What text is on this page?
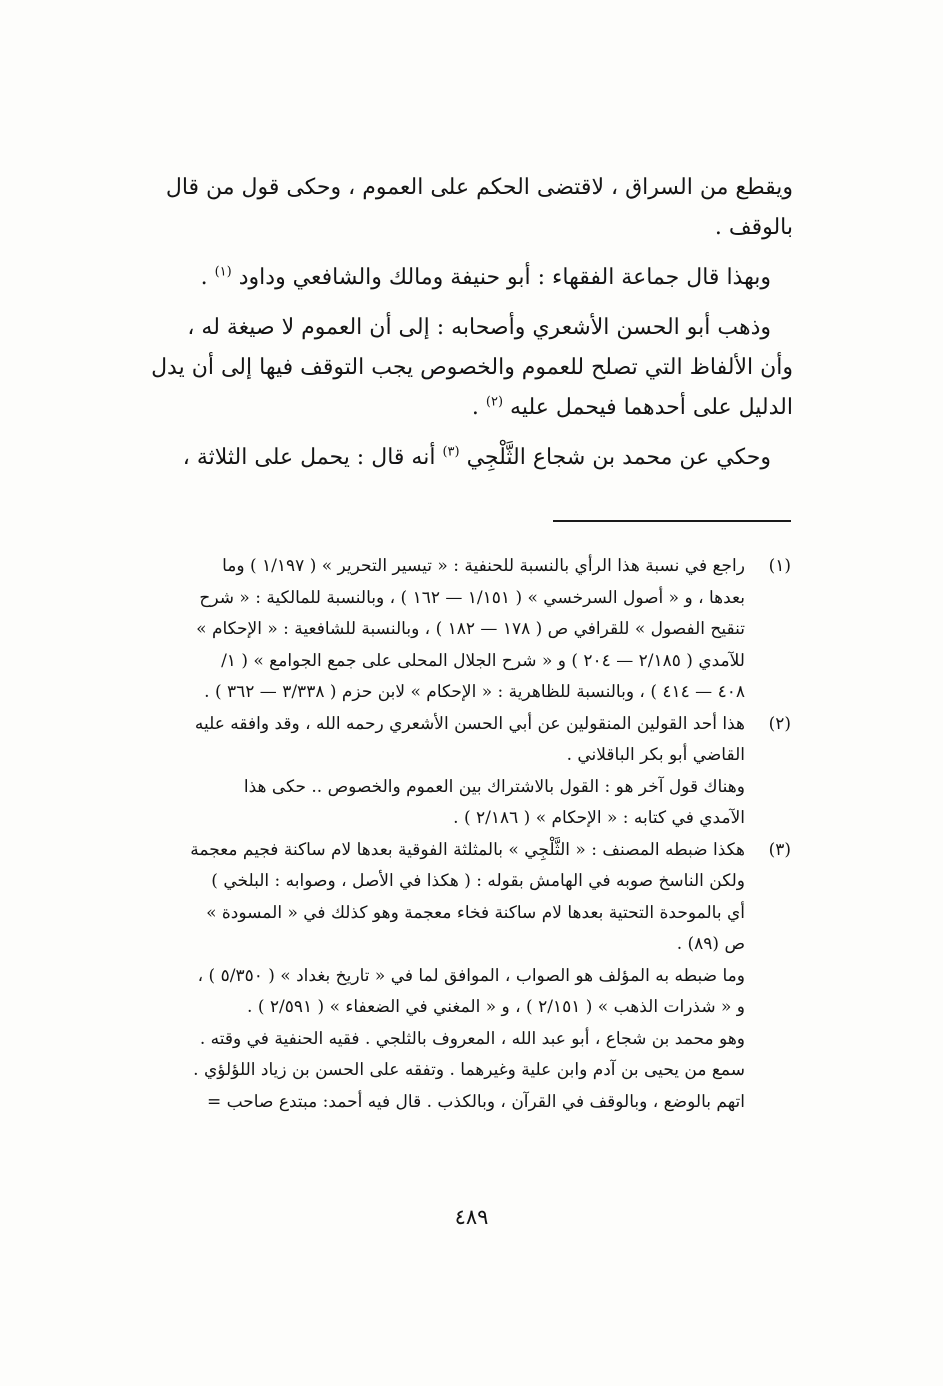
ويقطع من السراق ، لاقتضى الحكم على العموم ، وحكى قول من قال
بالوقف .

وبهذا قال جماعة الفقهاء : أبو حنيفة ومالك والشافعي وداود $^{(١)}$ .

وذهب أبو الحسن الأشعري وأصحابه : إلى أن العموم لا صيغة له ،
وأن الألفاظ التي تصلح للعموم والخصوص يجب التوقف فيها إلى أن يدل
الدليل على أحدهما فيحمل عليه $^{(٢)}$ .

وحكي عن محمد بن شجاع الثَّلْجِي $^{(٣)}$ أنه قال : يحمل على الثلاثة ،

(١)
راجع في نسبة هذا الرأي بالنسبة للحنفية : « تيسير التحرير » ( ١/١٩٧ ) وما
بعدها ، و « أصول السرخسي » ( ١/١٥١ — ١٦٢ ) ، وبالنسبة للمالكية : « شرح
تنقيح الفصول » للقرافي ص ( ١٧٨ — ١٨٢ ) ، وبالنسبة للشافعية : « الإحكام »
للآمدي ( ٢/١٨٥ — ٢٠٤ ) و « شرح الجلال المحلى على جمع الجوامع » ( ١/
٤٠٨ — ٤١٤ ) ، وبالنسبة للظاهرية : « الإحكام » لابن حزم ( ٣/٣٣٨ — ٣٦٢ ) .
(٢)
هذا أحد القولين المنقولين عن أبي الحسن الأشعري رحمه الله ، وقد وافقه عليه
القاضي أبو بكر الباقلاني .
وهناك قول آخر هو : القول بالاشتراك بين العموم والخصوص .. حكى هذا
الآمدي في كتابه : « الإحكام » ( ٢/١٨٦ ) .
(٣)
هكذا ضبطه المصنف : « الثَّلْجِي » بالمثلثة الفوقية بعدها لام ساكنة فجيم معجمة
ولكن الناسخ صوبه في الهامش بقوله : ( هكذا في الأصل ، وصوابه : البلخي )
أي بالموحدة التحتية بعدها لام ساكنة فخاء معجمة وهو كذلك في « المسودة »
ص (٨٩) .
وما ضبطه به المؤلف هو الصواب ، الموافق لما في « تاريخ بغداد » ( ٥/٣٥٠ ) ،
و « شذرات الذهب » ( ٢/١٥١ ) ، و « المغني في الضعفاء » ( ٢/٥٩١ ) .
وهو محمد بن شجاع ، أبو عبد الله ، المعروف بالثلجي . فقيه الحنفية في وقته .
سمع من يحيى بن آدم وابن علية وغيرهما . وتفقه على الحسن بن زياد اللؤلؤي .
اتهم بالوضع ، وبالوقف في القرآن ، وبالكذب . قال فيه أحمد: مبتدع صاحب =
٤٨٩
